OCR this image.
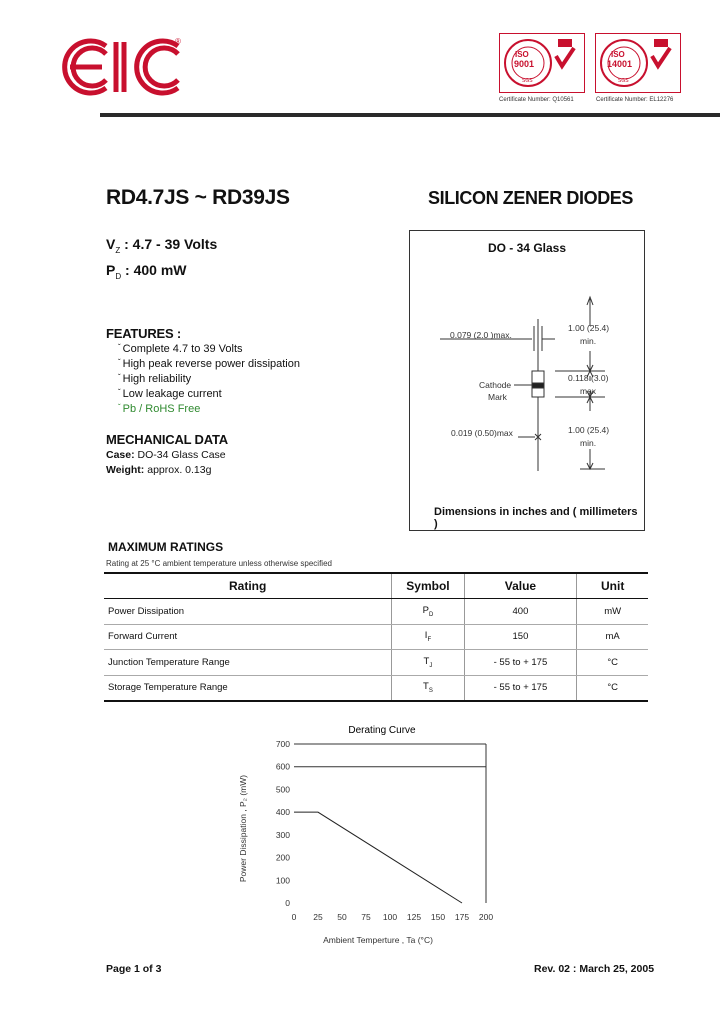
®
ISO
9001
SGS
Certificate Number: Q10561
ISO
14001
SGS
Certificate Number: EL12276
RD4.7JS ~ RD39JS	SILICON ZENER DIODES
$V_Z$ : 4.7 - 39 Volts
$P_D$ : 400 mW
FEATURES :
$^ˇ$ Complete 4.7 to 39 Volts
$^ˇ$ High peak reverse power dissipation
$^ˇ$ High reliability
$^ˇ$ Low leakage current
$^ˇ$ Pb / RoHS Free
MECHANICAL DATA
Case: DO-34 Glass Case
Weight: approx. 0.13g
DO - 34 Glass
0.079 (2.0 )max.
1.00 (25.4)
min.
Cathode
Mark
0.118 (3.0)
max
0.019 (0.50)max	1.00 (25.4)
min.
Dimensions in inches and ( millimeters )
MAXIMUM RATINGS
Rating at 25 °C ambient temperature unless otherwise specified
Rating	Symbol	Value	Unit
Power Dissipation	$P_D$	400	mW
Forward Current	$I_F$	150	mA
Junction Temperature Range	$T_J$	- 55 to + 175	°C
Storage Temperature Range	$T_S$	- 55 to + 175	°C
Derating Curve
0
100
200
300
400
500
600
700
0 25 50 75 100 125 150 175 200
Ambient Temperture , Ta (°C)
Power Dissipation , P₂ (mW)
Page 1 of 3	Rev. 02 : March 25, 2005
